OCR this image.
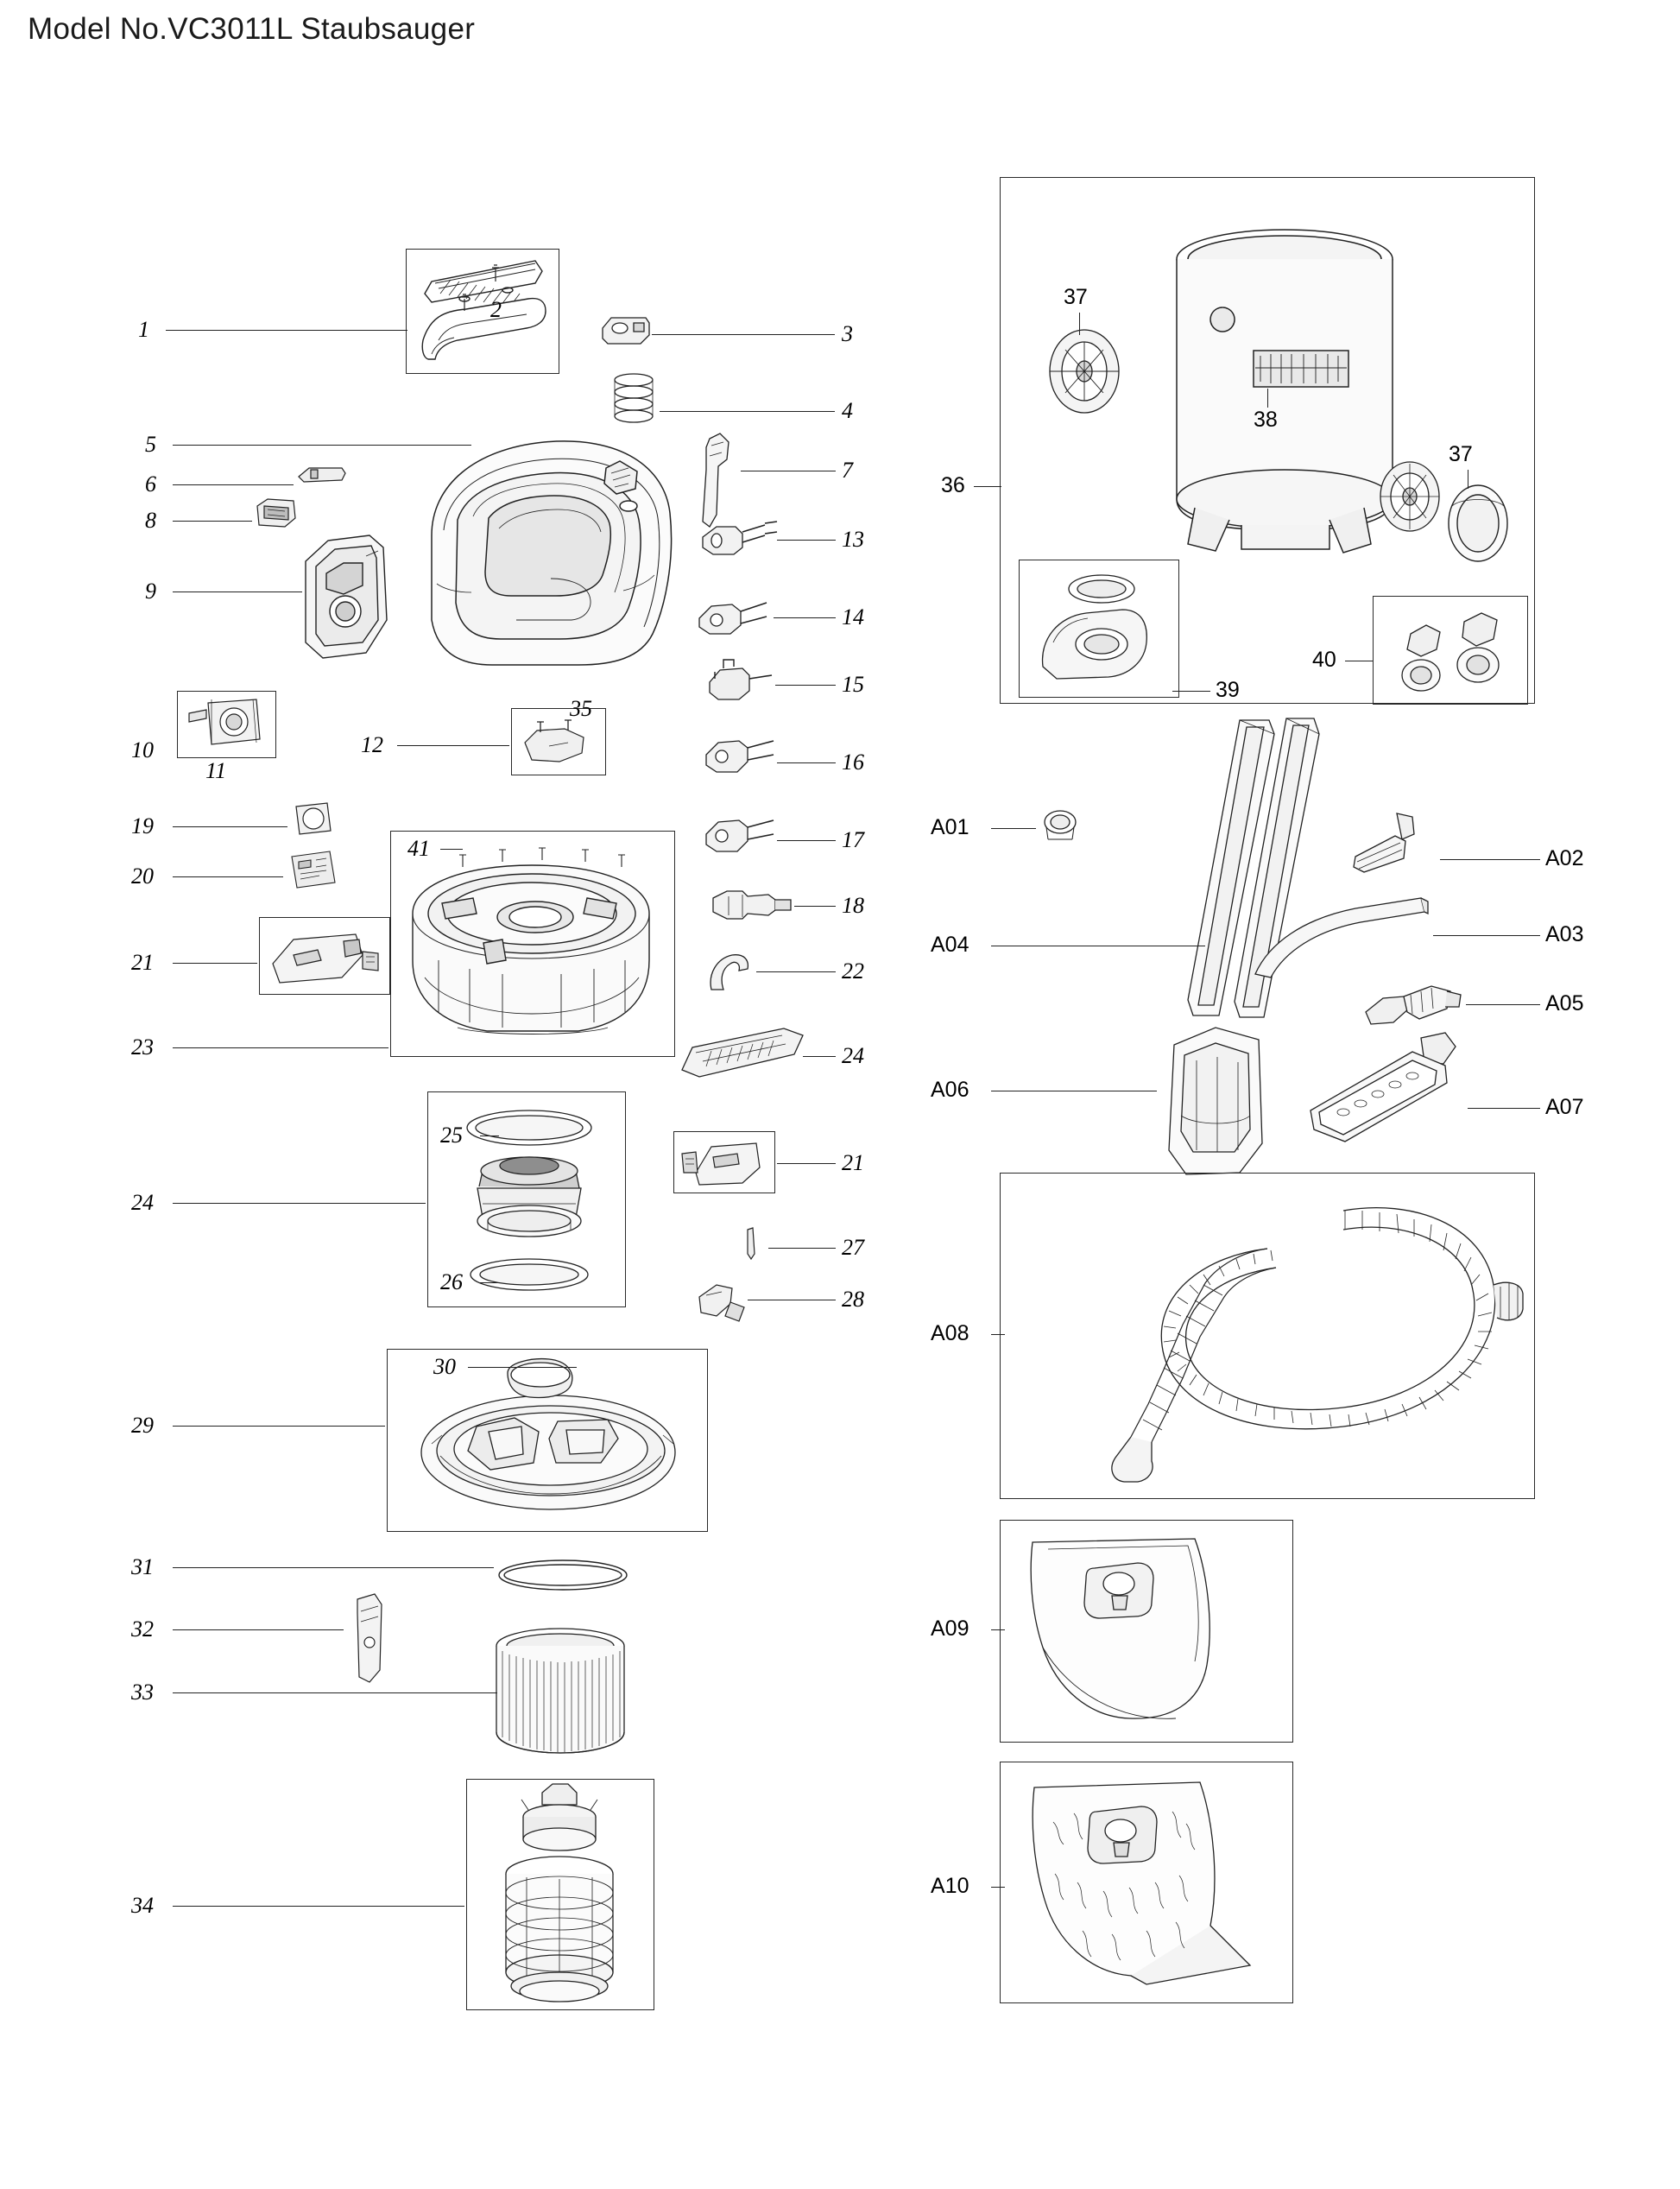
Model No.VC3011L Staubsauger
1
2
3
4
5
6
8
7
9
13
14
15
16
17
18
10
11
35
12
19
20
21
41
23
22
24
25
24
26
21
27
28
30
29
31
32
33
34
37
37
38
36
39
40
A01
A04
A02
A03
A05
A06
A07
A08
A09
A10
